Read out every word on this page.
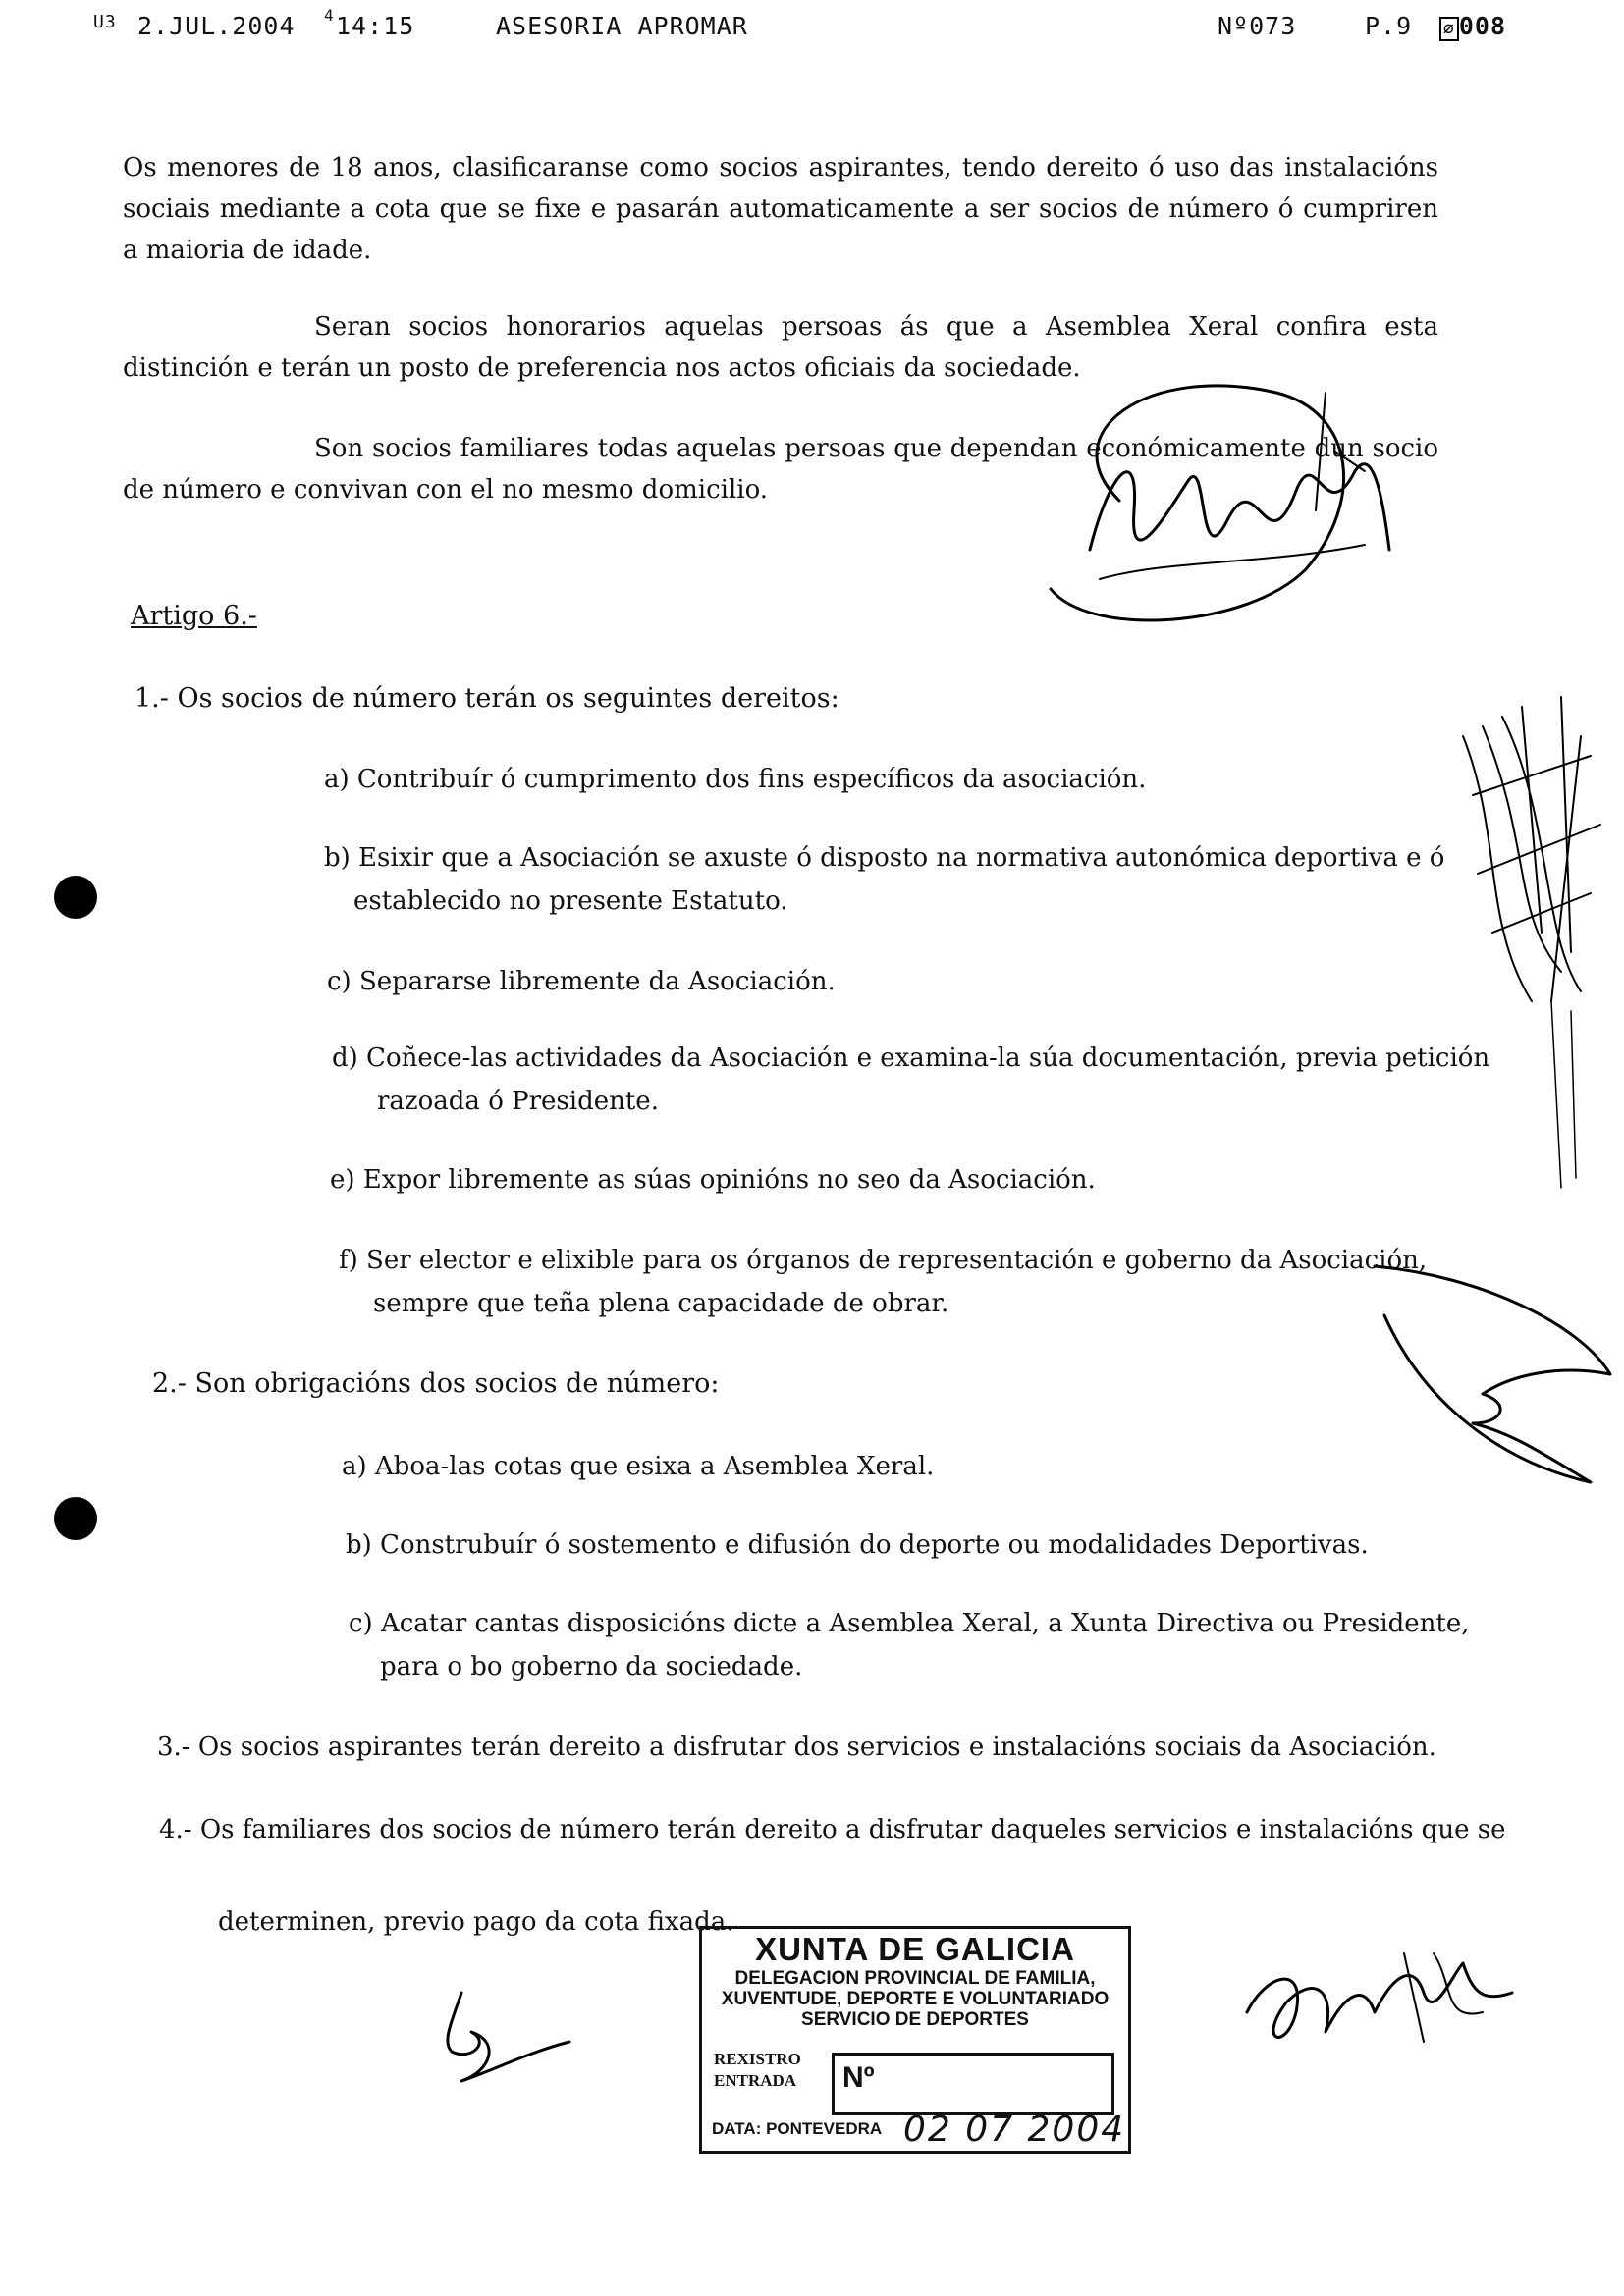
U3 2.JUL.2004 4 14:15	ASESORIA APROMAR	Nº073	P.9 ⌀ 008
Os menores de 18 anos, clasificaranse como socios aspirantes, tendo dereito ó uso das instalacións sociais mediante a cota que se fixe e pasarán automaticamente a ser socios de número ó cumpriren a maioria de idade.
Seran socios honorarios aquelas persoas ás que a Asemblea Xeral confira esta distinción e terán un posto de preferencia nos actos oficiais da sociedade.
Son socios familiares todas aquelas persoas que dependan económicamente dun socio de número e convivan con el no mesmo domicilio.
Artigo 6.-
1.- Os socios de número terán os seguintes dereitos:
a) Contribuír ó cumprimento dos fins específicos da asociación.
b) Esixir que a Asociación se axuste ó disposto na normativa autonómica deportiva e ó establecido no presente Estatuto.
c) Separarse libremente da Asociación.
d) Coñece-las actividades da Asociación e examina-la súa documentación, previa petición razoada ó Presidente.
e) Expor libremente as súas opinións no seo da Asociación.
f) Ser elector e elixible para os órganos de representación e goberno da Asociación, sempre que teña plena capacidade de obrar.
2.- Son obrigacións dos socios de número:
a) Aboa-las cotas que esixa a Asemblea Xeral.
b) Construbuír ó sostemento e difusión do deporte ou modalidades Deportivas.
c) Acatar cantas disposicións dicte a Asemblea Xeral, a Xunta Directiva ou Presidente, para o bo goberno da sociedade.
3.- Os socios aspirantes terán dereito a disfrutar dos servicios e instalacións sociais da Asociación.
4.- Os familiares dos socios de número terán dereito a disfrutar daqueles servicios e instalacións que se
determinen, previo pago da cota fixada.
XUNTA DE GALICIA
DELEGACION PROVINCIAL DE FAMILIA,
XUVENTUDE, DEPORTE E VOLUNTARIADO
SERVICIO DE DEPORTES
REXISTRO
ENTRADA Nº
DATA: PONTEVEDRA 02 07 2004
